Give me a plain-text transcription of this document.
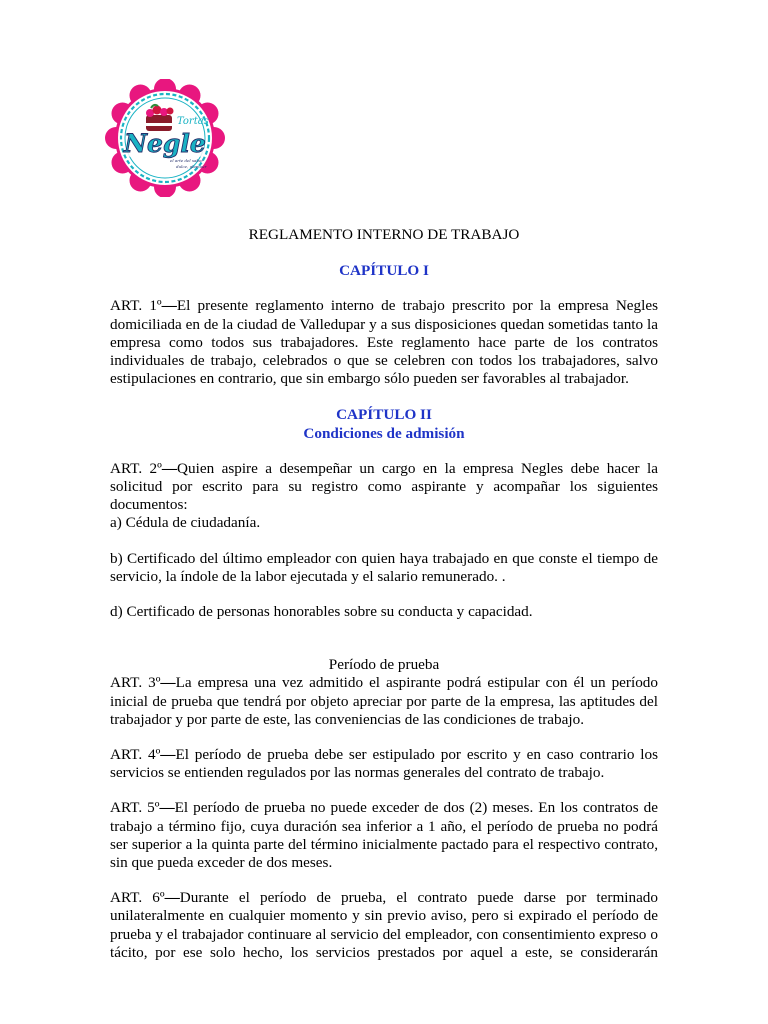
Tortas
Negle
el arte del sabor
dulce, glamour

REGLAMENTO INTERNO DE TRABAJO

CAPÍTULO I

ART. 1º—El presente reglamento interno de trabajo prescrito por la empresa Negles domiciliada en de la ciudad de Valledupar y a sus disposiciones quedan sometidas tanto la empresa como todos sus trabajadores. Este reglamento hace parte de los contratos individuales de trabajo, celebrados o que se celebren con todos los trabajadores, salvo estipulaciones en contrario, que sin embargo sólo pueden ser favorables al trabajador.

CAPÍTULO II

Condiciones de admisión

ART. 2º—Quien aspire a desempeñar un cargo en la empresa Negles debe hacer la solicitud por escrito para su registro como aspirante y acompañar los siguientes documentos:

a) Cédula de ciudadanía.

b) Certificado del último empleador con quien haya trabajado en que conste el tiempo de servicio, la índole de la labor ejecutada y el salario remunerado. .

d) Certificado de personas honorables sobre su conducta y capacidad.

Período de prueba

ART. 3º—La empresa una vez admitido el aspirante podrá estipular con él un período inicial de prueba que tendrá por objeto apreciar por parte de la empresa, las aptitudes del trabajador y por parte de este, las conveniencias de las condiciones de trabajo.

ART. 4º—El período de prueba debe ser estipulado por escrito y en caso contrario los servicios se entienden regulados por las normas generales del contrato de trabajo.

ART. 5º—El período de prueba no puede exceder de dos (2) meses. En los contratos de trabajo a término fijo, cuya duración sea inferior a 1 año, el período de prueba no podrá ser superior a la quinta parte del término inicialmente pactado para el respectivo contrato, sin que pueda exceder de dos meses.

ART. 6º—Durante el período de prueba, el contrato puede darse por terminado unilateralmente en cualquier momento y sin previo aviso, pero si expirado el período de prueba y el trabajador continuare al servicio del empleador, con consentimiento expreso o tácito, por ese solo hecho, los servicios prestados por aquel a este, se considerarán
